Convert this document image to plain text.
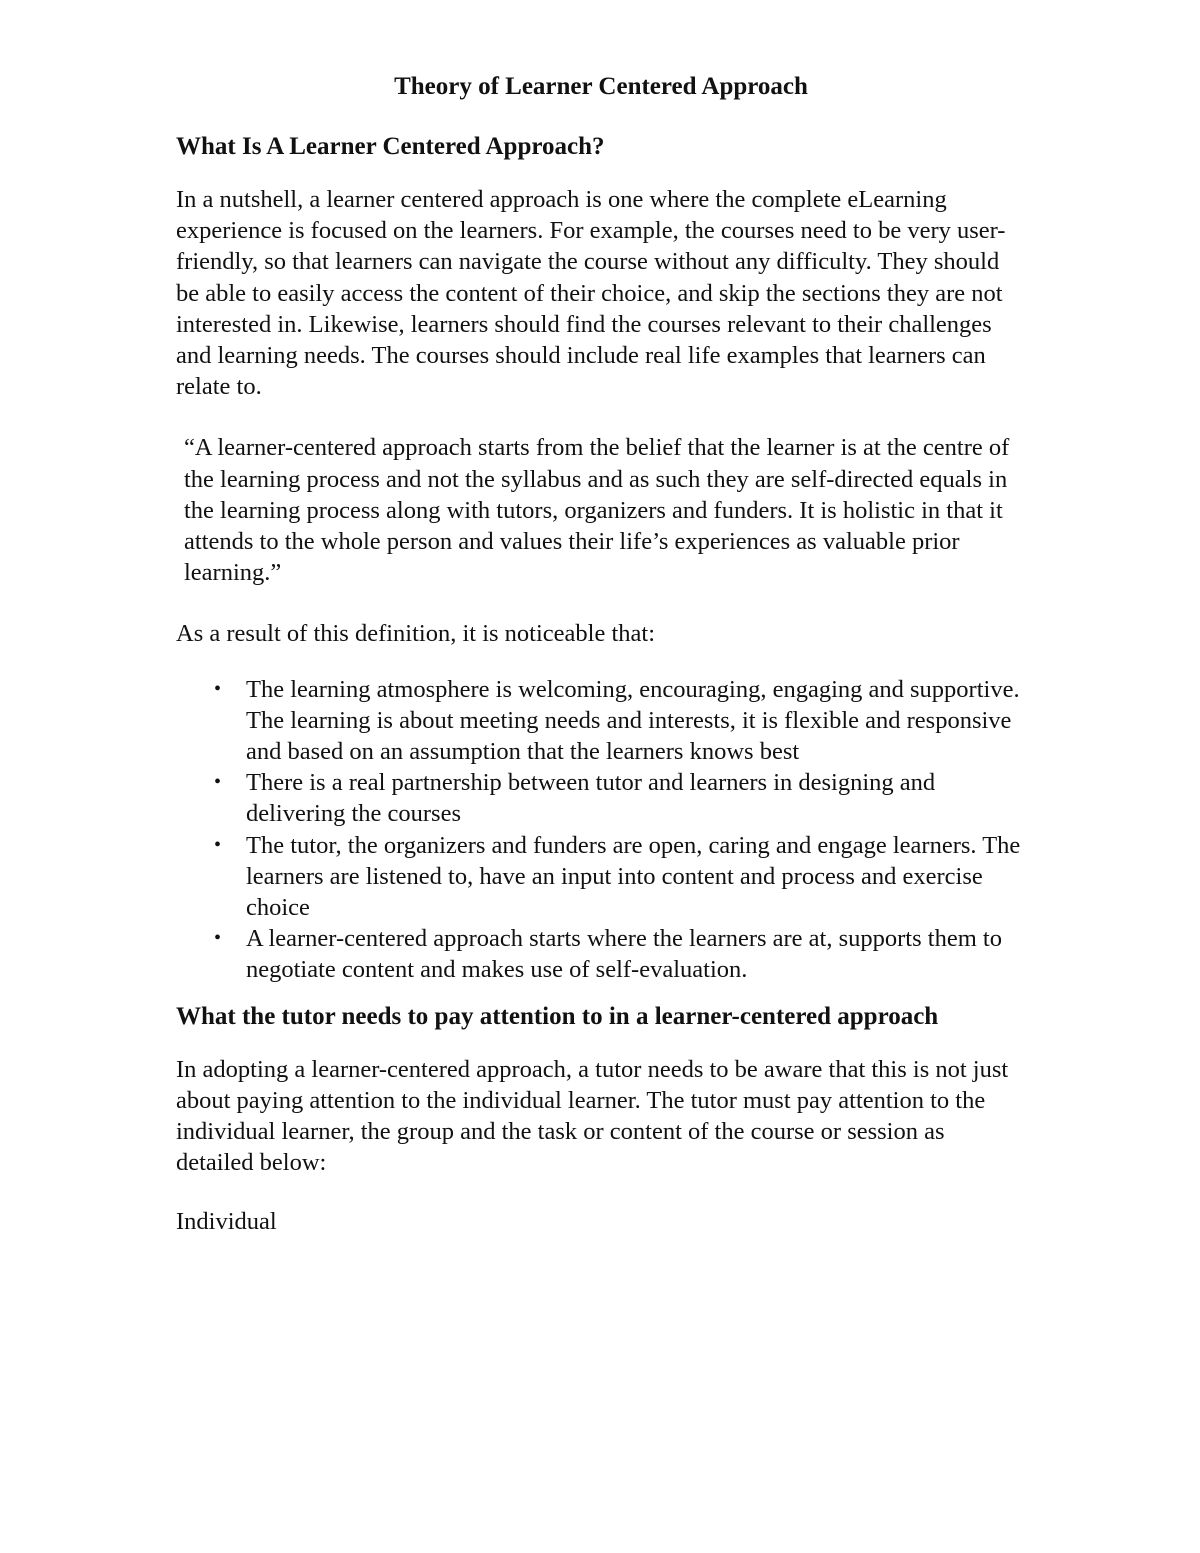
Theory of Learner Centered Approach
What Is A Learner Centered Approach?

In a nutshell, a learner centered approach is one where the complete eLearning experience is focused on the learners. For example, the courses need to be very user-friendly, so that learners can navigate the course without any difficulty. They should be able to easily access the content of their choice, and skip the sections they are not interested in. Likewise, learners should find the courses relevant to their challenges and learning needs. The courses should include real life examples that learners can relate to.

“A learner-centered approach starts from the belief that the learner is at the centre of the learning process and not the syllabus and as such they are self-directed equals in the learning process along with tutors, organizers and funders. It is holistic in that it attends to the whole person and values their life’s experiences as valuable prior learning.”

As a result of this definition, it is noticeable that:

• The learning atmosphere is welcoming, encouraging, engaging and supportive. The learning is about meeting needs and interests, it is flexible and responsive and based on an assumption that the learners knows best
• There is a real partnership between tutor and learners in designing and delivering the courses
• The tutor, the organizers and funders are open, caring and engage learners. The learners are listened to, have an input into content and process and exercise choice
• A learner-centered approach starts where the learners are at, supports them to negotiate content and makes use of self-evaluation.
What the tutor needs to pay attention to in a learner-centered approach

In adopting a learner-centered approach, a tutor needs to be aware that this is not just about paying attention to the individual learner. The tutor must pay attention to the individual learner, the group and the task or content of the course or session as detailed below:

Individual
